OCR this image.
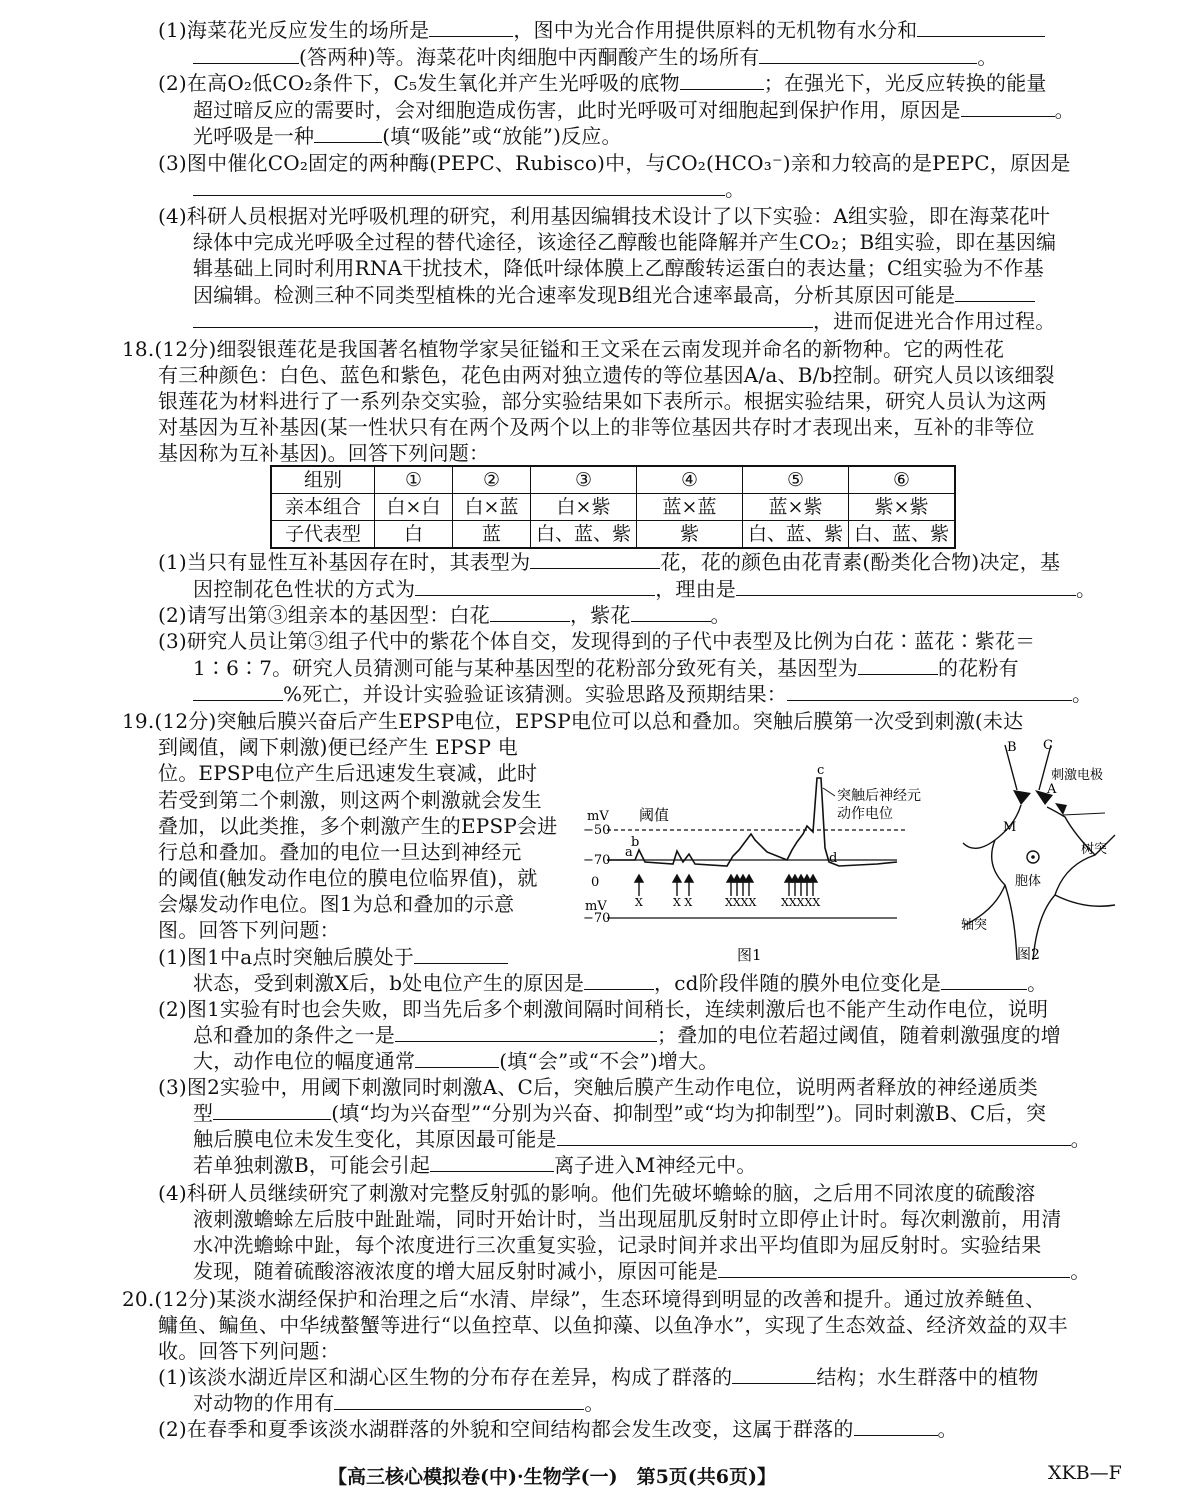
(1)海菜花光反应发生的场所是	，图中为光合作用提供原料的无机物有水分和
(答两种)等。海菜花叶肉细胞中丙酮酸产生的场所有	。
(2)在高O₂低CO₂条件下，C₅发生氧化并产生光呼吸的底物	；在强光下，光反应转换的能量
超过暗反应的需要时，会对细胞造成伤害，此时光呼吸可对细胞起到保护作用，原因是	。
光呼吸是一种	(填“吸能”或“放能”)反应。
(3)图中催化CO₂固定的两种酶(PEPC、Rubisco)中，与CO₂(HCO₃⁻)亲和力较高的是PEPC，原因是
。
(4)科研人员根据对光呼吸机理的研究，利用基因编辑技术设计了以下实验：A组实验，即在海菜花叶
绿体中完成光呼吸全过程的替代途径，该途径乙醇酸也能降解并产生CO₂；B组实验，即在基因编
辑基础上同时利用RNA干扰技术，降低叶绿体膜上乙醇酸转运蛋白的表达量；C组实验为不作基
因编辑。检测三种不同类型植株的光合速率发现B组光合速率最高，分析其原因可能是
，进而促进光合作用过程。
18.(12分)细裂银莲花是我国著名植物学家吴征镒和王文采在云南发现并命名的新物种。它的两性花
有三种颜色：白色、蓝色和紫色，花色由两对独立遗传的等位基因A/a、B/b控制。研究人员以该细裂
银莲花为材料进行了一系列杂交实验，部分实验结果如下表所示。根据实验结果，研究人员认为这两
对基因为互补基因(某一性状只有在两个及两个以上的非等位基因共存时才表现出来，互补的非等位
基因称为互补基因)。回答下列问题：
组别	①	②	③	④	⑤	⑥
亲本组合	白×白	白×蓝	白×紫	蓝×蓝	蓝×紫	紫×紫
子代表型	白	蓝	白、蓝、紫	紫	白、蓝、紫	白、蓝、紫
(1)当只有显性互补基因存在时，其表型为	花，花的颜色由花青素(酚类化合物)决定，基
因控制花色性状的方式为	，理由是	。
(2)请写出第③组亲本的基因型：白花	，紫花	。
(3)研究人员让第③组子代中的紫花个体自交，发现得到的子代中表型及比例为白花∶蓝花∶紫花＝
1∶6∶7。研究人员猜测可能与某种基因型的花粉部分致死有关，基因型为	的花粉有
%死亡，并设计实验验证该猜测。实验思路及预期结果：	。
19.(12分)突触后膜兴奋后产生EPSP电位，EPSP电位可以总和叠加。突触后膜第一次受到刺激(未达
到阈值，阈下刺激)便已经产生 EPSP 电
位。EPSP电位产生后迅速发生衰减，此时
若受到第二个刺激，则这两个刺激就会发生
叠加，以此类推，多个刺激产生的EPSP会进
行总和叠加。叠加的电位一旦达到神经元
的阈值(触发动作电位的膜电位临界值)，就
会爆发动作电位。图1为总和叠加的示意
图。回答下列问题：
mV
−50
−70
0
mV
−70
阈值
a
b
c
d
突触后神经元
动作电位
X	X X	XXXX XXXXX
图1
B C
A
M
刺激电极
树突
胞体
轴突
图2
(1)图1中a点时突触后膜处于
状态，受到刺激X后，b处电位产生的原因是	，cd阶段伴随的膜外电位变化是	。
(2)图1实验有时也会失败，即当先后多个刺激间隔时间稍长，连续刺激后也不能产生动作电位，说明
总和叠加的条件之一是	；叠加的电位若超过阈值，随着刺激强度的增
大，动作电位的幅度通常	(填“会”或“不会”)增大。
(3)图2实验中，用阈下刺激同时刺激A、C后，突触后膜产生动作电位，说明两者释放的神经递质类
型	(填“均为兴奋型”“分别为兴奋、抑制型”或“均为抑制型”)。同时刺激B、C后，突
触后膜电位未发生变化，其原因最可能是	。
若单独刺激B，可能会引起	离子进入M神经元中。
(4)科研人员继续研究了刺激对完整反射弧的影响。他们先破坏蟾蜍的脑，之后用不同浓度的硫酸溶
液刺激蟾蜍左后肢中趾趾端，同时开始计时，当出现屈肌反射时立即停止计时。每次刺激前，用清
水冲洗蟾蜍中趾，每个浓度进行三次重复实验，记录时间并求出平均值即为屈反射时。实验结果
发现，随着硫酸溶液浓度的增大屈反射时减小，原因可能是	。
20.(12分)某淡水湖经保护和治理之后“水清、岸绿”，生态环境得到明显的改善和提升。通过放养鲢鱼、
鳙鱼、鳊鱼、中华绒螯蟹等进行“以鱼控草、以鱼抑藻、以鱼净水”，实现了生态效益、经济效益的双丰
收。回答下列问题：
(1)该淡水湖近岸区和湖心区生物的分布存在差异，构成了群落的	结构；水生群落中的植物
对动物的作用有	。
(2)在春季和夏季该淡水湖群落的外貌和空间结构都会发生改变，这属于群落的	。
【高三核心模拟卷(中)·生物学(一)　第5页(共6页)】	XKB—F
